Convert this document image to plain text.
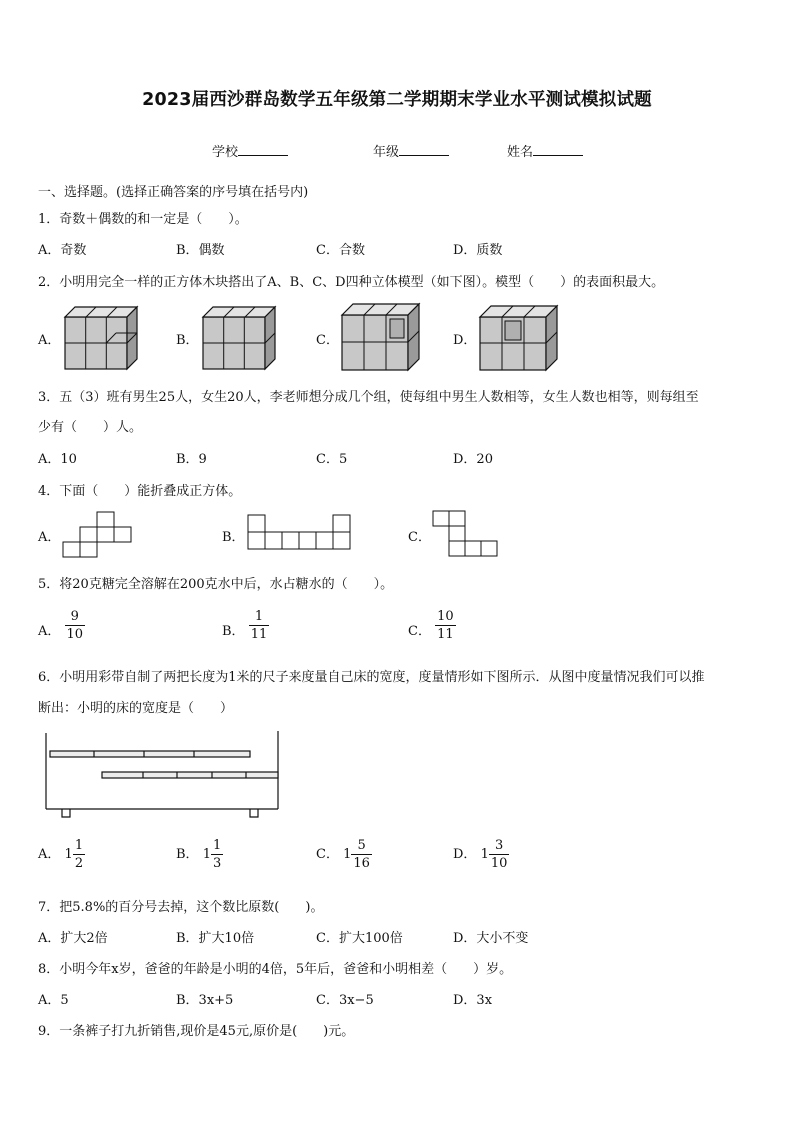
2023届西沙群岛数学五年级第二学期期末学业水平测试模拟试题
学校	年级	姓名
一、选择题。(选择正确答案的序号填在括号内)
1．奇数＋偶数的和一定是（　　）。
A．奇数	B．偶数	C．合数	D．质数
2．小明用完全一样的正方体木块搭出了A、B、C、D四种立体模型（如下图）。模型（　　）的表面积最大。
A．	B．	C．	D．
3．五（3）班有男生25人，女生20人，李老师想分成几个组，使每组中男生人数相等，女生人数也相等，则每组至
少有（　　）人。
A．10	B．9	C．5	D．20
4．下面（　　）能折叠成正方体。
A．	B．	C．
5．将20克糖完全溶解在200克水中后，水占糖水的（　　）。
A． $\frac{9}{10}$	B． $\frac{1}{11}$	C． $\frac{10}{11}$
6．小明用彩带自制了两把长度为1米的尺子来度量自己床的宽度，度量情形如下图所示．从图中度量情况我们可以推
断出：小明的床的宽度是（　　）
A． $1 \frac{1}{2}$	B． $1 \frac{1}{3}$	C． $1 \frac{5}{16}$	D． $1 \frac{3}{10}$
7．把5.8%的百分号去掉，这个数比原数(　　)。
A．扩大2倍	B．扩大10倍	C．扩大100倍	D．大小不变
8．小明今年x岁，爸爸的年龄是小明的4倍，5年后，爸爸和小明相差（　　）岁。
A．5	B．3x+5	C．3x−5	D．3x
9．一条裤子打九折销售,现价是45元,原价是(　　)元。
